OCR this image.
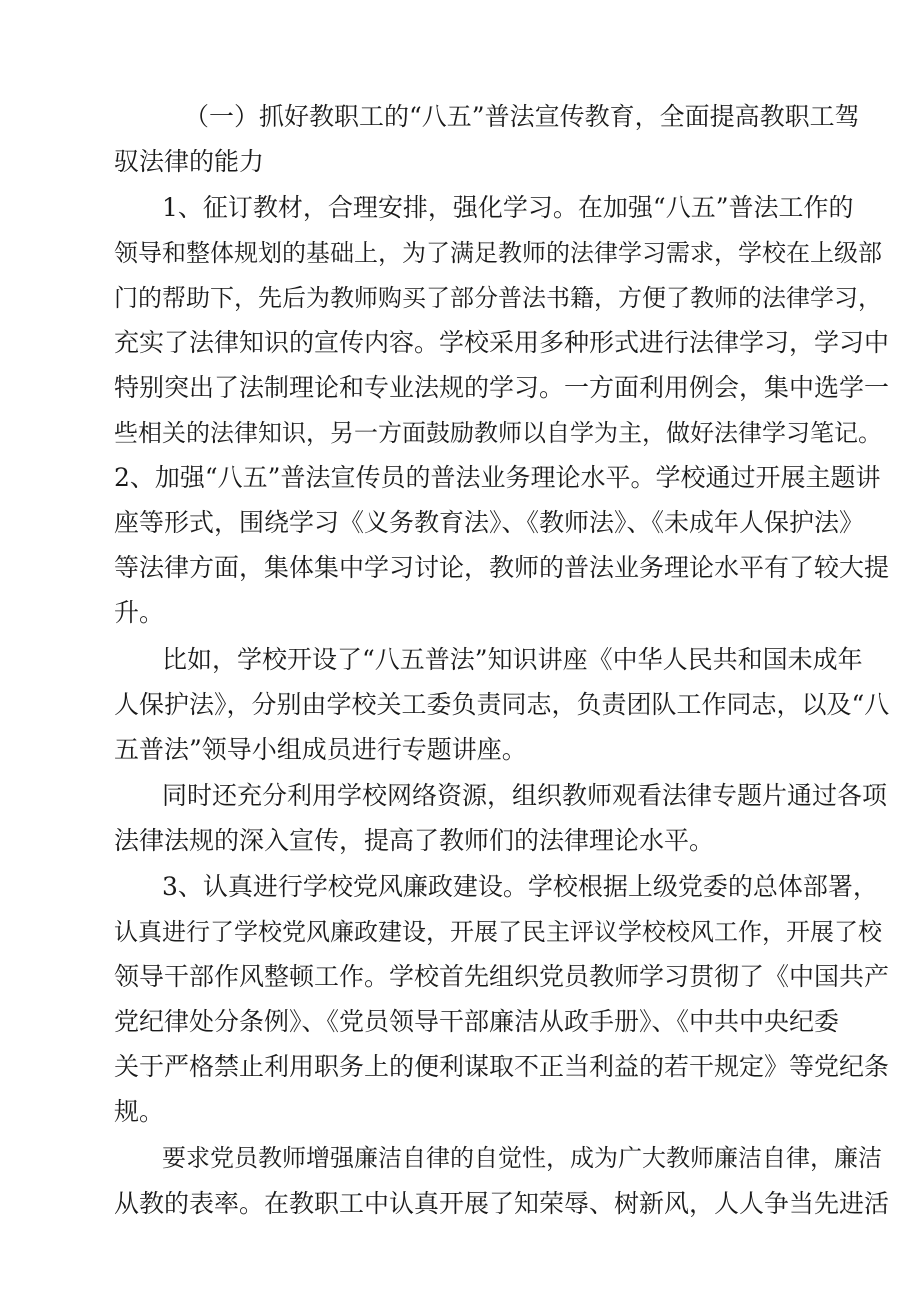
（一）抓好教职工的“八五”普法宣传教育，全面提高教职工驾
驭法律的能力
1、征订教材，合理安排，强化学习。在加强“八五”普法工作的
领导和整体规划的基础上，为了满足教师的法律学习需求，学校在上级部
门的帮助下，先后为教师购买了部分普法书籍，方便了教师的法律学习，
充实了法律知识的宣传内容。学校采用多种形式进行法律学习，学习中
特别突出了法制理论和专业法规的学习。一方面利用例会，集中选学一
些相关的法律知识，另一方面鼓励教师以自学为主，做好法律学习笔记。
2、加强“八五”普法宣传员的普法业务理论水平。学校通过开展主题讲
座等形式，围绕学习《义务教育法》、《教师法》、《未成年人保护法》
等法律方面，集体集中学习讨论，教师的普法业务理论水平有了较大提
升。
比如，学校开设了“八五普法”知识讲座《中华人民共和国未成年
人保护法》，分别由学校关工委负责同志，负责团队工作同志，以及“八
五普法”领导小组成员进行专题讲座。
同时还充分利用学校网络资源，组织教师观看法律专题片通过各项
法律法规的深入宣传，提高了教师们的法律理论水平。
3、认真进行学校党风廉政建设。学校根据上级党委的总体部署，
认真进行了学校党风廉政建设，开展了民主评议学校校风工作，开展了校
领导干部作风整顿工作。学校首先组织党员教师学习贯彻了《中国共产
党纪律处分条例》、《党员领导干部廉洁从政手册》、《中共中央纪委
关于严格禁止利用职务上的便利谋取不正当利益的若干规定》等党纪条
规。
要求党员教师增强廉洁自律的自觉性，成为广大教师廉洁自律，廉洁
从教的表率。在教职工中认真开展了知荣辱、树新风，人人争当先进活
